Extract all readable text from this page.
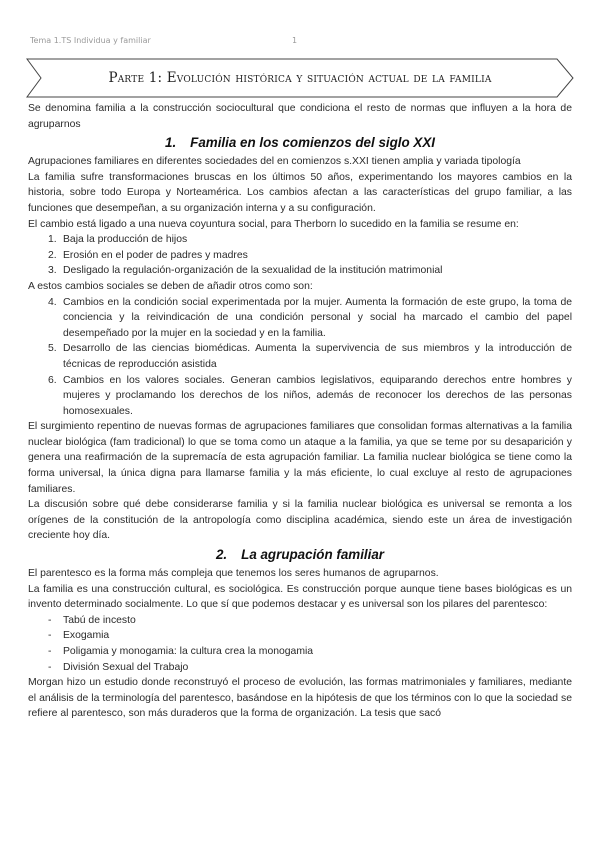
Tema 1.TS Individua y familiar	1
Parte 1: Evolución histórica y situación actual de la familia

Se denomina familia a la construcción sociocultural que condiciona el resto de normas que influyen a la hora de agruparnos

1. Familia en los comienzos del siglo XXI

Agrupaciones familiares en diferentes sociedades del en comienzos s.XXI tienen amplia y variada tipología

La familia sufre transformaciones bruscas en los últimos 50 años, experimentando los mayores cambios en la historia, sobre todo Europa y Norteamérica. Los cambios afectan a las características del grupo familiar, a las funciones que desempeñan, a su organización interna y a su configuración.

El cambio está ligado a una nueva coyuntura social, para Therborn lo sucedido en la familia se resume en:

1. Baja la producción de hijos
2. Erosión en el poder de padres y madres
3. Desligado la regulación-organización de la sexualidad de la institución matrimonial

A estos cambios sociales se deben de añadir otros como son:

4. Cambios en la condición social experimentada por la mujer. Aumenta la formación de este grupo, la toma de conciencia y la reivindicación de una condición personal y social ha marcado el cambio del papel desempeñado por la mujer en la sociedad y en la familia.
5. Desarrollo de las ciencias biomédicas. Aumenta la supervivencia de sus miembros y la introducción de técnicas de reproducción asistida
6. Cambios en los valores sociales. Generan cambios legislativos, equiparando derechos entre hombres y mujeres y proclamando los derechos de los niños, además de reconocer los derechos de las personas homosexuales.

El surgimiento repentino de nuevas formas de agrupaciones familiares que consolidan formas alternativas a la familia nuclear biológica (fam tradicional) lo que se toma como un ataque a la familia, ya que se teme por su desaparición y genera una reafirmación de la supremacía de esta agrupación familiar. La familia nuclear biológica se tiene como la forma universal, la única digna para llamarse familia y la más eficiente, lo cual excluye al resto de agrupaciones familiares.

La discusión sobre qué debe considerarse familia y si la familia nuclear biológica es universal se remonta a los orígenes de la constitución de la antropología como disciplina académica, siendo este un área de investigación creciente hoy día.

2. La agrupación familiar

El parentesco es la forma más compleja que tenemos los seres humanos de agruparnos.

La familia es una construcción cultural, es sociológica. Es construcción porque aunque tiene bases biológicas es un invento determinado socialmente. Lo que sí que podemos destacar y es universal son los pilares del parentesco:

- Tabú de incesto
- Exogamia
- Poligamia y monogamia: la cultura crea la monogamia
- División Sexual del Trabajo

Morgan hizo un estudio donde reconstruyó el proceso de evolución, las formas matrimoniales y familiares, mediante el análisis de la terminología del parentesco, basándose en la hipótesis de que los términos con lo que la sociedad se refiere al parentesco, son más duraderos que la forma de organización. La tesis que sacó
